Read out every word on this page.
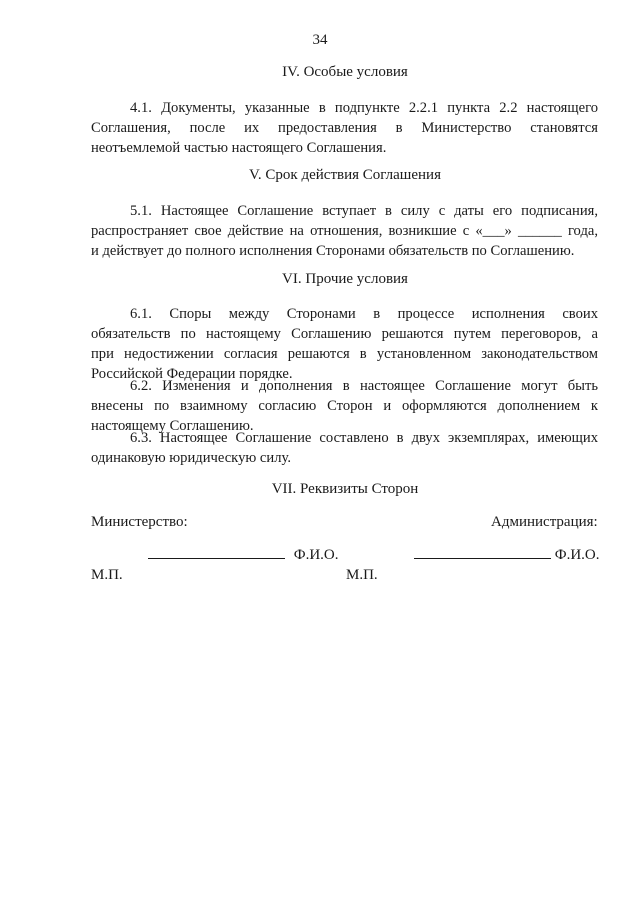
34
IV. Особые условия
4.1. Документы, указанные в подпункте 2.2.1 пункта 2.2 настоящего
Соглашения, после их предоставления в Министерство становятся
неотъемлемой частью настоящего Соглашения.
V. Срок действия Соглашения
5.1. Настоящее Соглашение вступает в силу с даты его подписания,
распространяет свое действие на отношения, возникшие с «___» ______ года,
и действует до полного исполнения Сторонами обязательств по Соглашению.
VI. Прочие условия
6.1. Споры между Сторонами в процессе исполнения своих
обязательств по настоящему Соглашению решаются путем переговоров, а
при недостижении согласия решаются в установленном законодательством
Российской Федерации порядке.
6.2. Изменения и дополнения в настоящее Соглашение могут быть
внесены по взаимному согласию Сторон и оформляются дополнением к
настоящему Соглашению.
6.3. Настоящее Соглашение составлено в двух экземплярах, имеющих
одинаковую юридическую силу.
VII. Реквизиты Сторон
Министерство:	Администрация:
Ф.И.О.	Ф.И.О.
М.П.	М.П.
